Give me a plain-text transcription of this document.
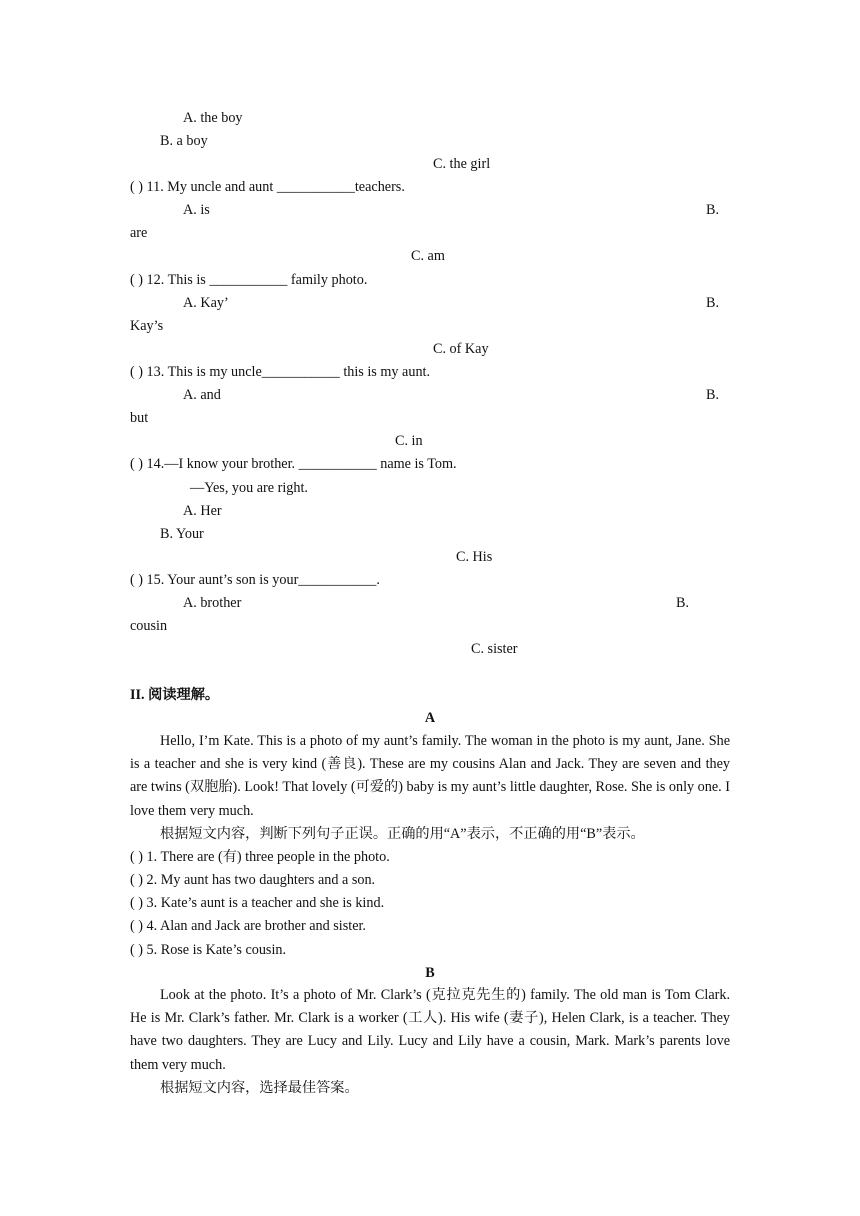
A. the boy
B. a boy
C. the girl
( ) 11. My uncle and aunt ___________teachers.
A. is	B.
are
C. am
( ) 12. This is ___________ family photo.
A. Kay’	B.
Kay’s
C. of Kay
( ) 13. This is my uncle___________ this is my aunt.
A. and	B.
but
C. in
( ) 14.—I know your brother. ___________ name is Tom.
—Yes, you are right.
A. Her
B. Your
C. His
( ) 15. Your aunt’s son is your___________.
A. brother	B.
cousin
C. sister
II. 阅读理解。
A
Hello, I’m Kate. This is a photo of my aunt’s family. The woman in the photo is my aunt, Jane. She is a teacher and she is very kind (善良). These are my cousins Alan and Jack. They are seven and they are twins (双胞胎). Look! That lovely (可爱的) baby is my aunt’s little daughter, Rose. She is only one. I love them very much.
根据短文内容，判断下列句子正误。正确的用“A”表示，不正确的用“B”表示。
( ) 1. There are (有) three people in the photo.
( ) 2. My aunt has two daughters and a son.
( ) 3. Kate’s aunt is a teacher and she is kind.
( ) 4. Alan and Jack are brother and sister.
( ) 5. Rose is Kate’s cousin.
B
Look at the photo. It’s a photo of Mr. Clark’s (克拉克先生的) family. The old man is Tom Clark. He is Mr. Clark’s father. Mr. Clark is a worker (工人). His wife (妻子), Helen Clark, is a teacher. They have two daughters. They are Lucy and Lily. Lucy and Lily have a cousin, Mark. Mark’s parents love them very much.
根据短文内容，选择最佳答案。
